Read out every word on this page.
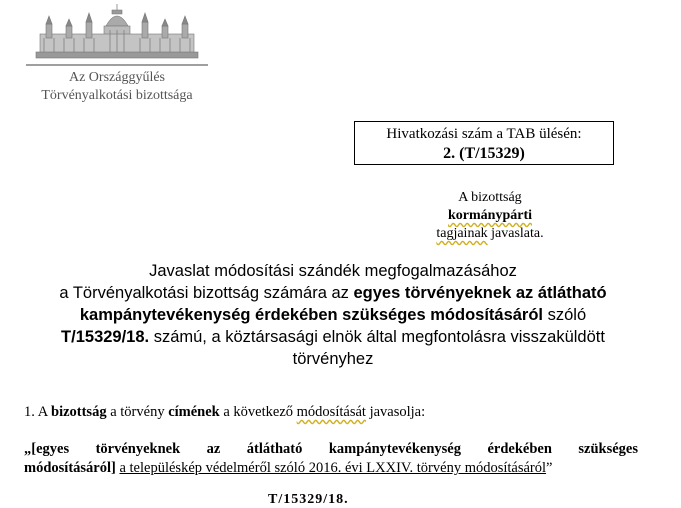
Az Országgyűlés
Törvényalkotási bizottsága
Hivatkozási szám a TAB ülésén:
2. (T/15329)
A bizottság
kormánypárti
tagjainak javaslata.
Javaslat módosítási szándék megfogalmazásához
a Törvényalkotási bizottság számára az egyes törvényeknek az átlátható
kampánytevékenység érdekében szükséges módosításáról szóló
T/15329/18. számú, a köztársasági elnök által megfontolásra visszaküldött
törvényhez
1. A bizottság a törvény címének a következő módosítását javasolja:
„[egyes törvényeknek az átlátható kampánytevékenység érdekében szükséges
módosításáról] a településkép védelméről szóló 2016. évi LXXIV. törvény módosításáról”
T/15329/18.
